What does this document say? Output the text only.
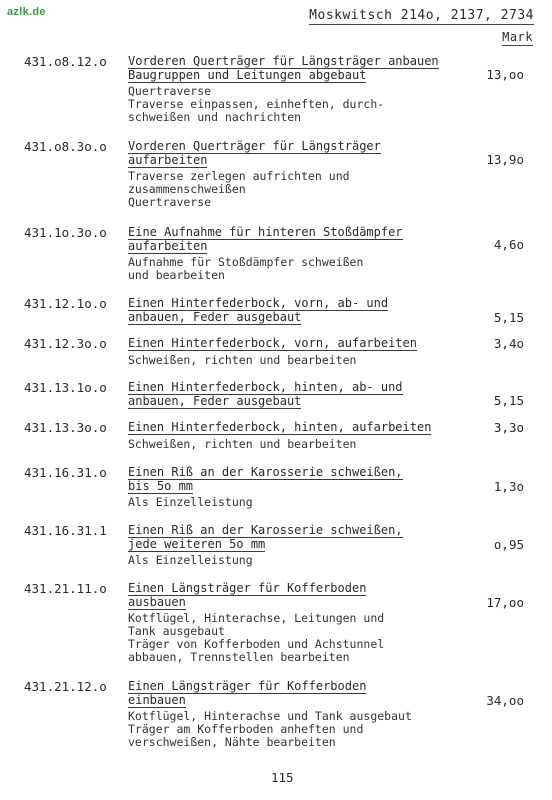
azlk.de	Moskwitsch 214o, 2137, 2734
Mark
431.o8.12.o Vorderen Querträger für Längsträger anbauen
Baugruppen und Leitungen abgebaut
Quertraverse
Traverse einpassen, einheften, durch-
schweißen und nachrichten
13,oo
431.o8.3o.o Vorderen Querträger für Längsträger
aufarbeiten
Traverse zerlegen aufrichten und
zusammenschweißen
Quertraverse
13,9o
431.1o.3o.o Eine Aufnahme für hinteren Stoßdämpfer
aufarbeiten
Aufnahme für Stoßdämpfer schweißen
und bearbeiten
4,6o
431.12.1o.o Einen Hinterfederbock, vorn, ab- und
anbauen, Feder ausgebaut	5,15
431.12.3o.o Einen Hinterfederbock, vorn, aufarbeiten
Schweißen, richten und bearbeiten
3,4o
431.13.1o.o Einen Hinterfederbock, hinten, ab- und
anbauen, Feder ausgebaut	5,15
431.13.3o.o Einen Hinterfederbock, hinten, aufarbeiten
Schweißen, richten und bearbeiten
3,3o
431.16.31.o Einen Riß an der Karosserie schweißen,
bis 5o mm
Als Einzelleistung
1,3o
431.16.31.1 Einen Riß an der Karosserie schweißen,
jede weiteren 5o mm
Als Einzelleistung
o,95
431.21.11.o Einen Längsträger für Kofferboden
ausbauen
Kotflügel, Hinterachse, Leitungen und
Tank ausgebaut
Träger von Kofferboden und Achstunnel
abbauen, Trennstellen bearbeiten
17,oo
431.21.12.o Einen Längsträger für Kofferboden
einbauen
Kotflügel, Hinterachse und Tank ausgebaut
Träger am Kofferboden anheften und
verschweißen, Nähte bearbeiten
34,oo
115
